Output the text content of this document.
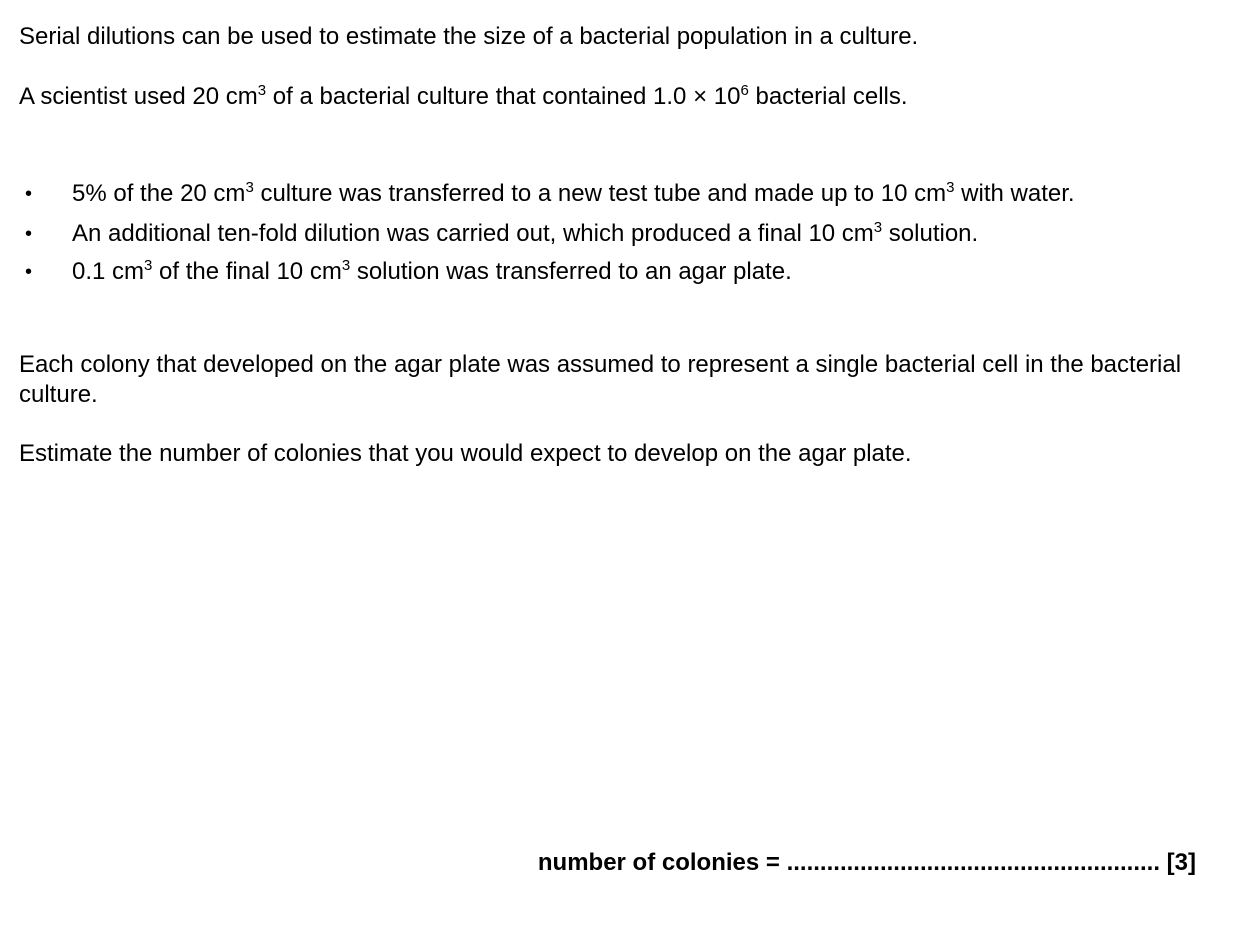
Serial dilutions can be used to estimate the size of a bacterial population in a culture.

A scientist used 20 $cm^3$ of a bacterial culture that contained $1.0 \times 10^6$ bacterial cells.

• 5% of the 20 $cm^3$ culture was transferred to a new test tube and made up to 10 $cm^3$ with water.
• An additional ten-fold dilution was carried out, which produced a final 10 $cm^3$ solution.
• 0.1 $cm^3$ of the final 10 $cm^3$ solution was transferred to an agar plate.

Each colony that developed on the agar plate was assumed to represent a single bacterial cell in the bacterial culture.

Estimate the number of colonies that you would expect to develop on the agar plate.

number of colonies = ........................................................ [3]
